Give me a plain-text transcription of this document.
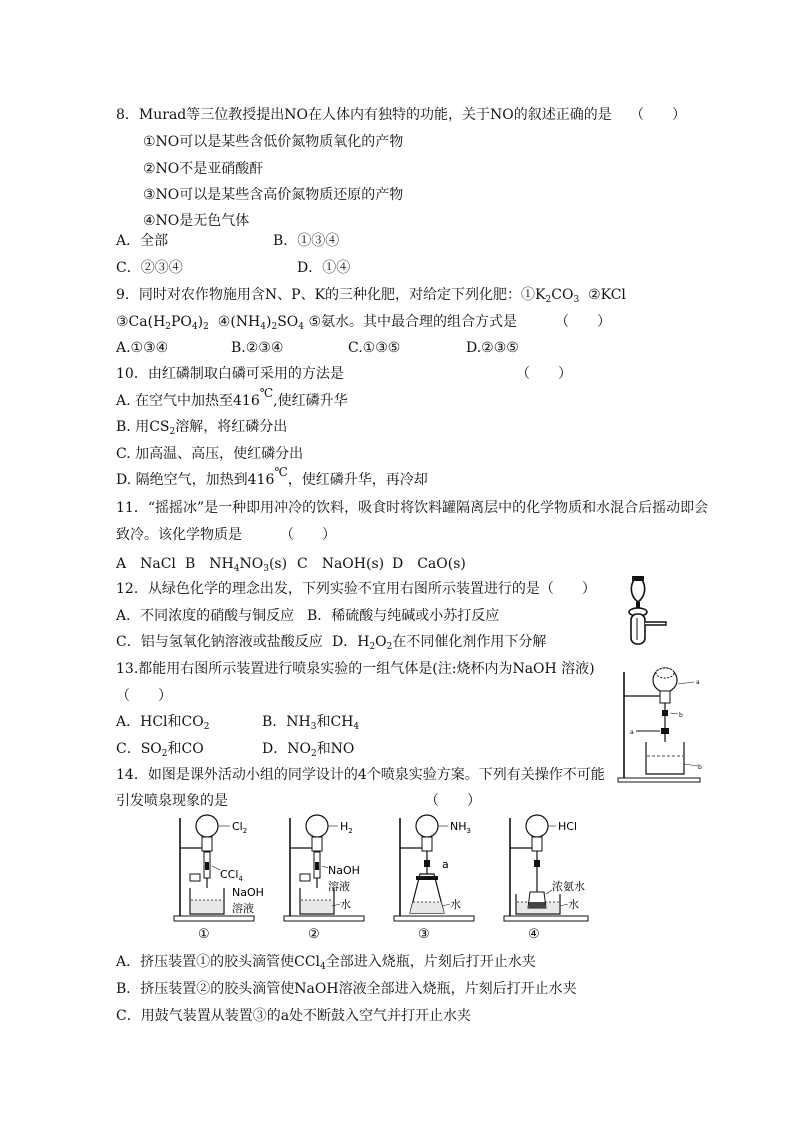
8．Murad等三位教授提出NO在人体内有独特的功能，关于NO的叙述正确的是 （　　）
①NO可以是某些含低价氮物质氧化的产物
②NO不是亚硝酸酐
③NO可以是某些含高价氮物质还原的产物
④NO是无色气体
A．全部	B．①③④
C．②③④	D．①④
9．同时对农作物施用含N、P、K的三种化肥，对给定下列化肥：$①K_2CO_3$ ②KCl
$③Ca(H_2PO_4)_2$ $④(NH_4)_2SO_4$ ⑤氨水。其中最合理的组合方式是	（　　）
A.①③④	B.②③④	C.①③⑤	D.②③⑤
10．由红磷制取白磷可采用的方法是	（　　）
A. 在空气中加热至416℃,使红磷升华
B. 用$CS_2$溶解，将红磷分出
C. 加高温、高压，使红磷分出
D. 隔绝空气，加热到416℃，使红磷升华，再冷却
11．“摇摇冰”是一种即用冲冷的饮料，吸食时将饮料罐隔离层中的化学物质和水混合后摇动即会
致冷。该化学物质是	（　　）
A　NaCl B　$NH_4NO_3(s)$ C　NaOH(s) D　CaO(s)
12．从绿色化学的理念出发，下列实验不宜用右图所示装置进行的是（　　）
A．不同浓度的硝酸与铜反应 B．稀硫酸与纯碱或小苏打反应
C．铝与氢氧化钠溶液或盐酸反应 D．$H_2O_2$在不同催化剂作用下分解
13.都能用右图所示装置进行喷泉实验的一组气体是(注:烧杯内为NaOH 溶液)
（　　）
A．HCl和$CO_2$	B．$NH_3$和$CH_4$
C．$SO_2$和CO	D．$NO_2$和NO
b
a
b
a
14．如图是课外活动小组的同学设计的4个喷泉实验方案。下列有关操作不可能
引发喷泉现象的是	（　　）
$Cl_2$
CCl$_4$
NaOH
溶液
①
$H_2$
NaOH
溶液
水
②
$NH_3$
a
水
③
HCl
浓氨水
水
④
A．挤压装置①的胶头滴管使CCl$_4$全部进入烧瓶，片刻后打开止水夹
B．挤压装置②的胶头滴管使NaOH溶液全部进入烧瓶，片刻后打开止水夹
C．用鼓气装置从装置③的a处不断鼓入空气并打开止水夹
